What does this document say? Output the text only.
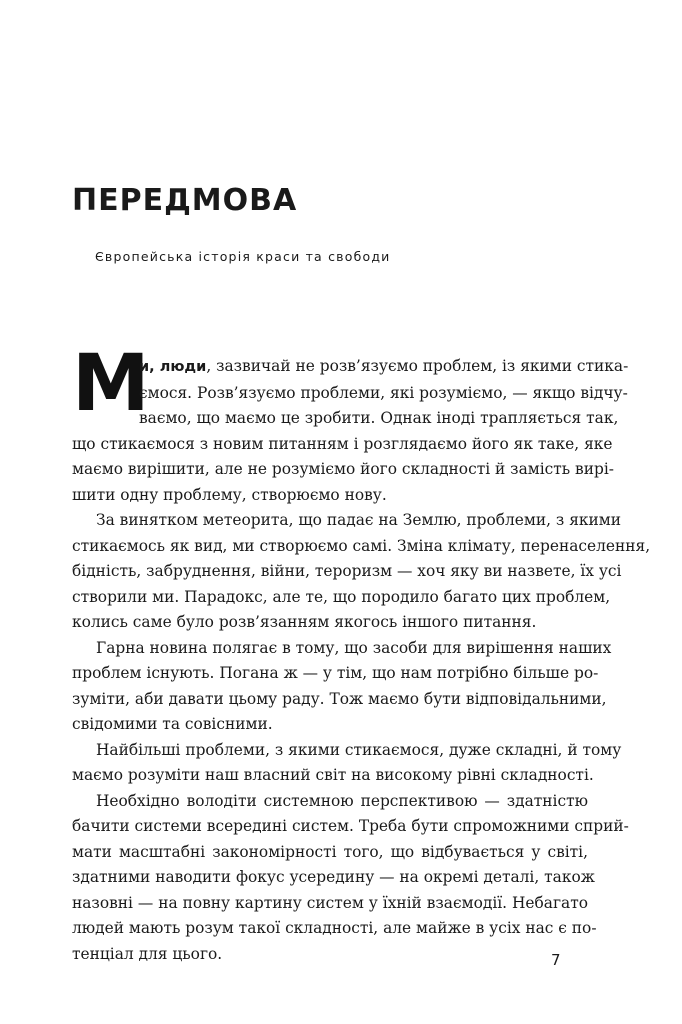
ПЕРЕДМОВА

Європейська історія краси та свободи

М
и, люди, зазвичай не розв’язуємо проблем, із якими стика-
ємося. Розв’язуємо проблеми, які розуміємо, — якщо відчу-
ваємо, що маємо це зробити. Однак іноді трапляється так,
що стикаємося з новим питанням і розглядаємо його як таке, яке
маємо вирішити, але не розуміємо його складності й замість вирі-
шити одну проблему, створюємо нову.
За винятком метеорита, що падає на Землю, проблеми, з якими
стикаємось як вид, ми створюємо самі. Зміна клімату, перенаселення,
бідність, забруднення, війни, тероризм — хоч яку ви назвете, їх усі
створили ми. Парадокс, але те, що породило багато цих проблем,
колись саме було розв’язанням якогось іншого питання.
Гарна новина полягає в тому, що засоби для вирішення наших
проблем існують. Погана ж — у тім, що нам потрібно більше ро-
зуміти, аби давати цьому раду. Тож маємо бути відповідальними,
свідомими та совісними.
Найбільші проблеми, з якими стикаємося, дуже складні, й тому
маємо розуміти наш власний світ на високому рівні складності.
Необхідно володіти системною перспективою — здатністю
бачити системи всередині систем. Треба бути спроможними сприй-
мати масштабні закономірності того, що відбувається у світі,
здатними наводити фокус усередину — на окремі деталі, також
назовні — на повну картину систем у їхній взаємодії. Небагато
людей мають розум такої складності, але майже в усіх нас є по-
тенціал для цього.	7
